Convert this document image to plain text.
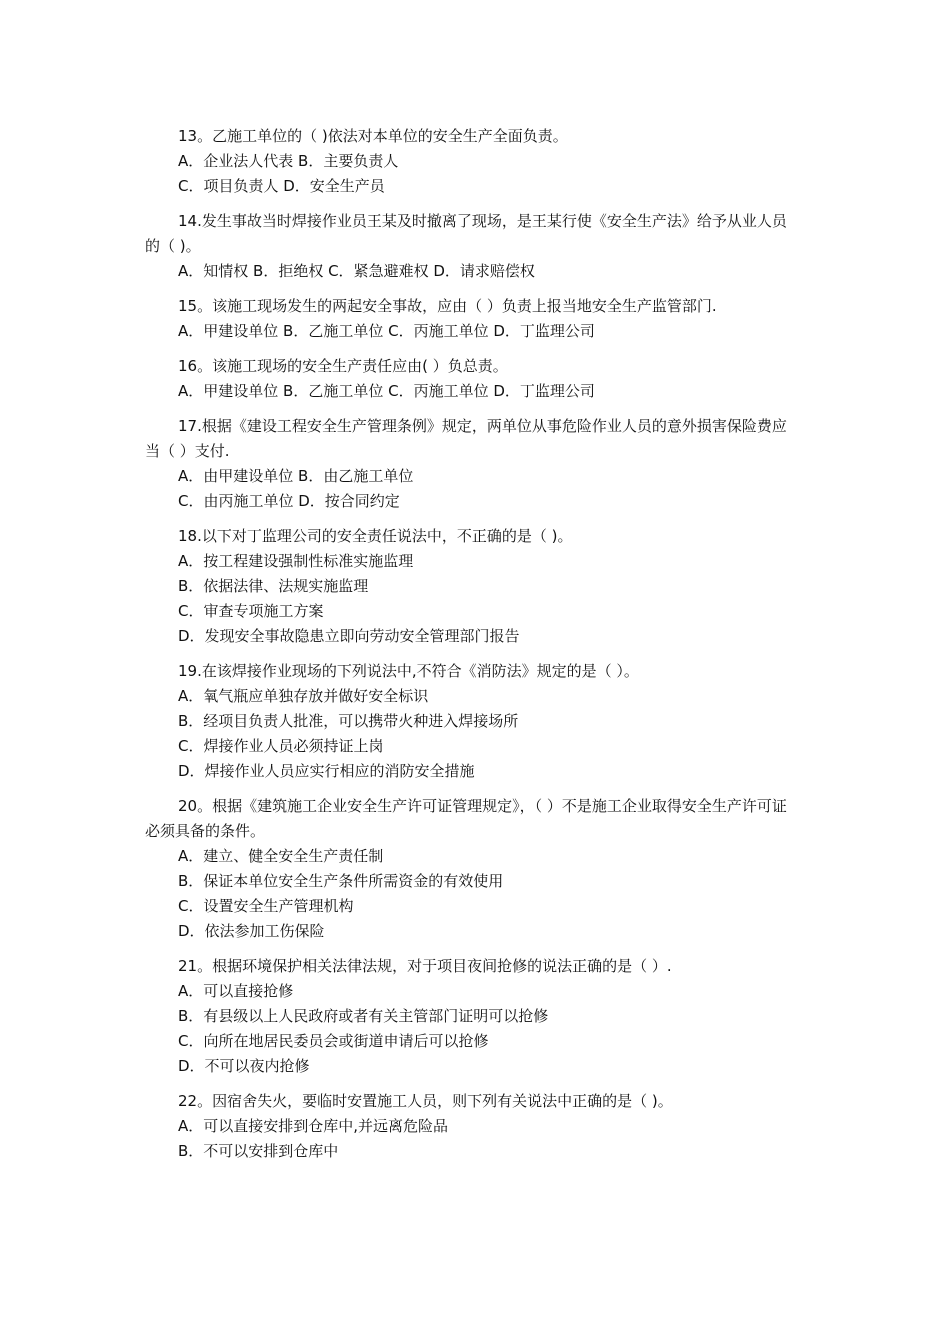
13。乙施工单位的（ )依法对本单位的安全生产全面负责。

A．企业法人代表 B．主要负责人

C．项目负责人 D．安全生产员

14.发生事故当时焊接作业员王某及时撤离了现场，是王某行使《安全生产法》给予从业人员的（ )。

A．知情权 B．拒绝权 C．紧急避难权 D．请求赔偿权

15。该施工现场发生的两起安全事故，应由（ ）负责上报当地安全生产监管部门.

A．甲建设单位 B．乙施工单位 C．丙施工单位 D．丁监理公司

16。该施工现场的安全生产责任应由( ）负总责。

A．甲建设单位 B．乙施工单位 C．丙施工单位 D．丁监理公司

17.根据《建设工程安全生产管理条例》规定，两单位从事危险作业人员的意外损害保险费应当（ ）支付.

A．由甲建设单位 B．由乙施工单位

C．由丙施工单位 D．按合同约定

18.以下对丁监理公司的安全责任说法中，不正确的是（ )。

A．按工程建设强制性标准实施监理

B．依据法律、法规实施监理

C．审查专项施工方案

D．发现安全事故隐患立即向劳动安全管理部门报告

19.在该焊接作业现场的下列说法中,不符合《消防法》规定的是（ ）。

A．氧气瓶应单独存放并做好安全标识

B．经项目负责人批准，可以携带火种进入焊接场所

C．焊接作业人员必须持证上岗

D．焊接作业人员应实行相应的消防安全措施

20。根据《建筑施工企业安全生产许可证管理规定》，（ ）不是施工企业取得安全生产许可证必须具备的条件。

A．建立、健全安全生产责任制

B．保证本单位安全生产条件所需资金的有效使用

C．设置安全生产管理机构

D．依法参加工伤保险

21。根据环境保护相关法律法规，对于项目夜间抢修的说法正确的是（ ）.

A．可以直接抢修

B．有县级以上人民政府或者有关主管部门证明可以抢修

C．向所在地居民委员会或街道申请后可以抢修

D．不可以夜内抢修

22。因宿舍失火，要临时安置施工人员，则下列有关说法中正确的是（ )。

A．可以直接安排到仓库中,并远离危险品

B．不可以安排到仓库中
